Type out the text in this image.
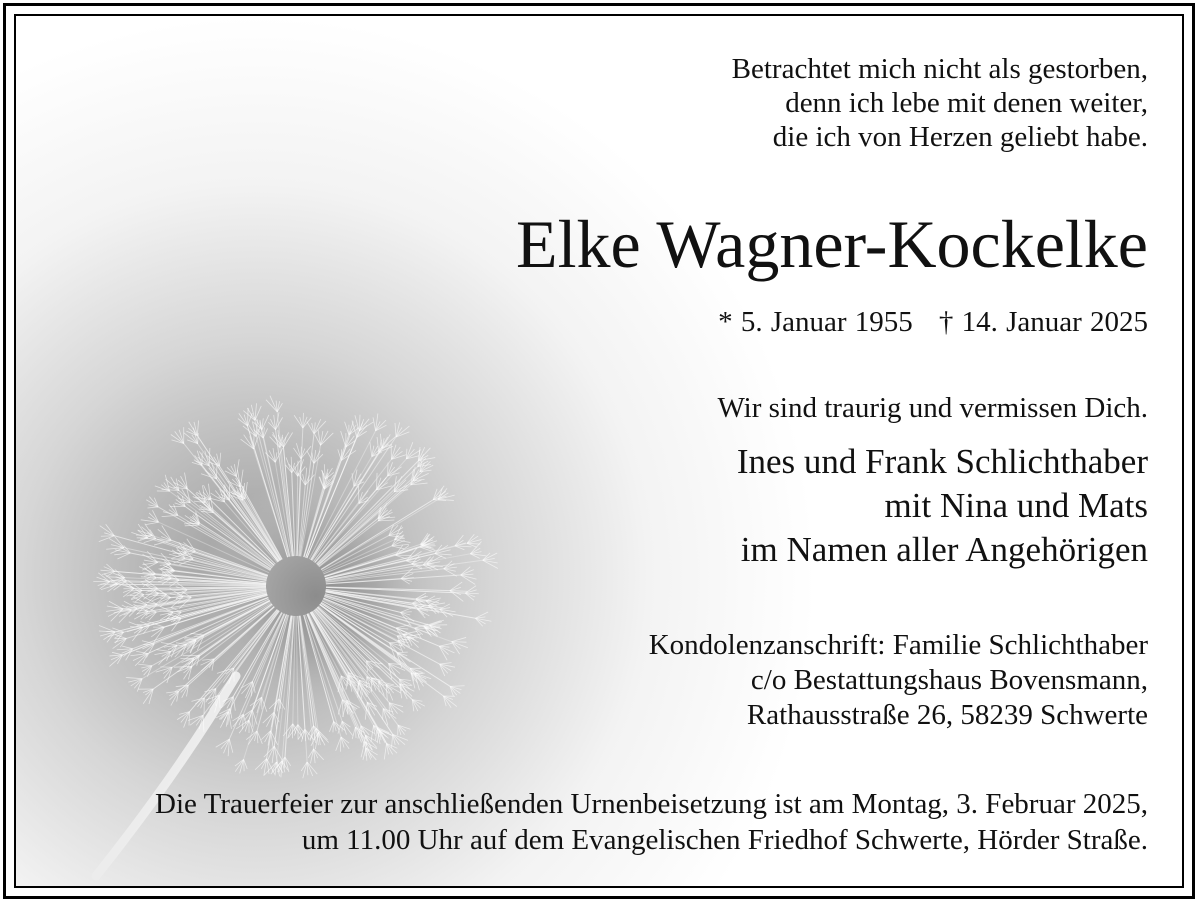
Betrachtet mich nicht als gestorben,
denn ich lebe mit denen weiter,
die ich von Herzen geliebt habe.
Elke Wagner-Kockelke
* 5. Januar 1955 † 14. Januar 2025
Wir sind traurig und vermissen Dich.
Ines und Frank Schlichthaber
mit Nina und Mats
im Namen aller Angehörigen
Kondolenzanschrift: Familie Schlichthaber
c/o Bestattungshaus Bovensmann,
Rathausstraße 26, 58239 Schwerte
Die Trauerfeier zur anschließenden Urnenbeisetzung ist am Montag, 3. Februar 2025,
um 11.00 Uhr auf dem Evangelischen Friedhof Schwerte, Hörder Straße.
